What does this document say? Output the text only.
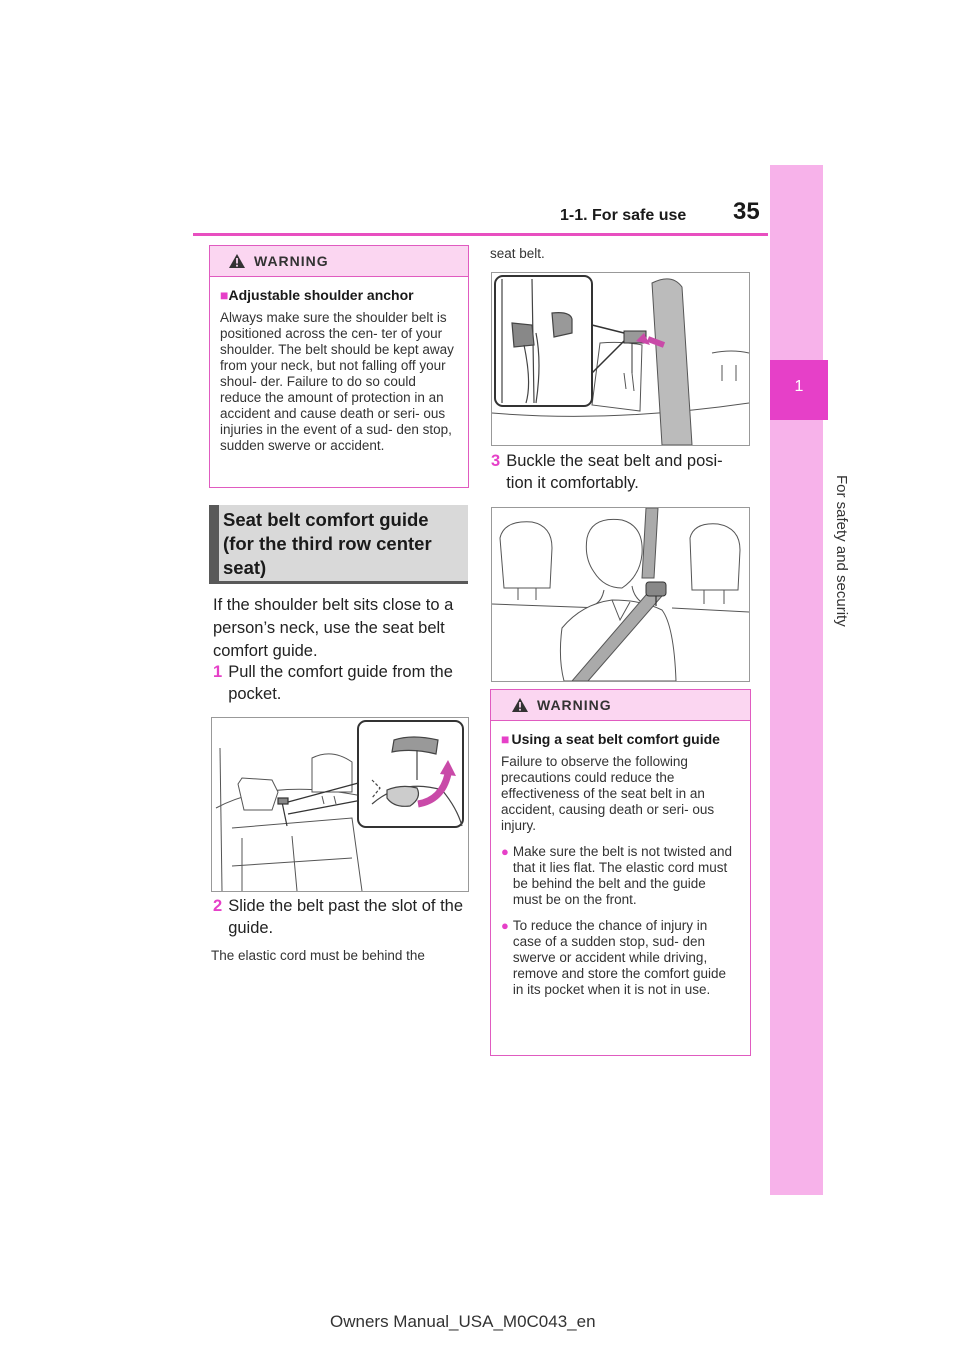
1-1. For safe use 35
1
For safety and security
WARNING
■Adjustable shoulder anchor
Always make sure the shoulder belt is positioned across the cen- ter of your shoulder. The belt should be kept away from your neck, but not falling off your shoul- der. Failure to do so could reduce the amount of protection in an accident and cause death or seri- ous injuries in the event of a sud- den stop, sudden swerve or accident.
Seat belt comfort guide (for the third row center seat)
If the shoulder belt sits close to a person’s neck, use the seat belt comfort guide.
1 Pull the comfort guide from the pocket.
2 Slide the belt past the slot of the guide.
The elastic cord must be behind the
seat belt.
3 Buckle the seat belt and posi- tion it comfortably.
WARNING
■ Using a seat belt comfort guide
Failure to observe the following precautions could reduce the effectiveness of the seat belt in an accident, causing death or seri- ous injury.
● Make sure the belt is not twisted and that it lies flat. The elastic cord must be behind the belt and the guide must be on the front.
● To reduce the chance of injury in case of a sudden stop, sud- den swerve or accident while driving, remove and store the comfort guide in its pocket when it is not in use.
Owners Manual_USA_M0C043_en
